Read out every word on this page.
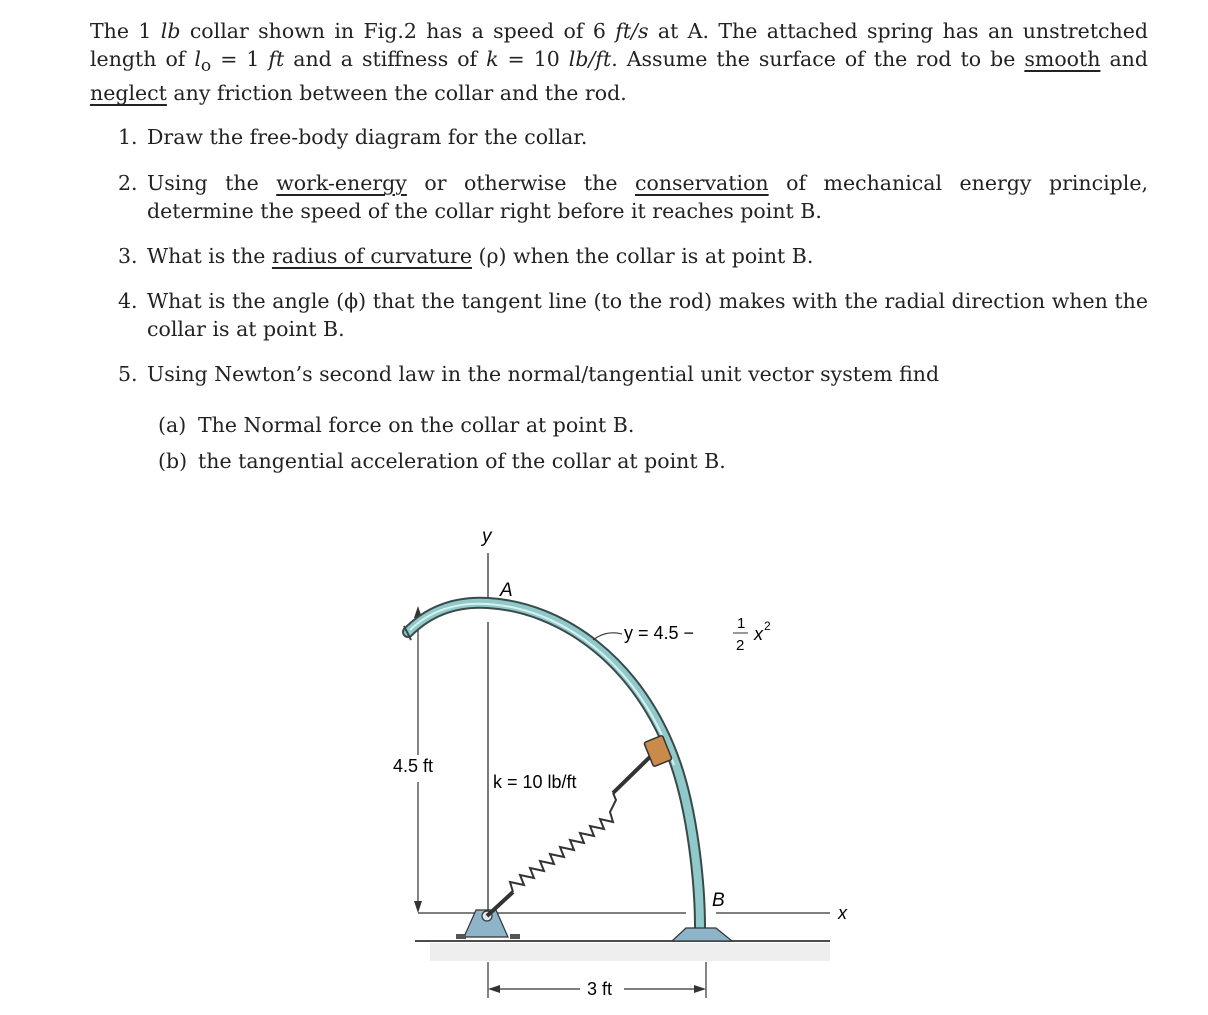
The 1 lb collar shown in Fig.2 has a speed of 6 ft/s at A. The attached spring has an unstretched length of $l_o = 1$ ft and a stiffness of k = 10 lb/ft. Assume the surface of the rod to be smooth and neglect any friction between the collar and the rod.
1. Draw the free-body diagram for the collar.
2. Using the work-energy or otherwise the conservation of mechanical energy principle, determine the speed of the collar right before it reaches point B.
3. What is the radius of curvature (ρ) when the collar is at point B.
4. What is the angle (ϕ) that the tangent line (to the rod) makes with the radial direction when the collar is at point B.
5. Using Newton’s second law in the normal/tangential unit vector system find
(a) The Normal force on the collar at point B.
(b) the tangential acceleration of the collar at point B.
y
A
x
4.5 ft
3 ft
B
k = 10 lb/ft
y = 4.5 −	1
2
x 2
